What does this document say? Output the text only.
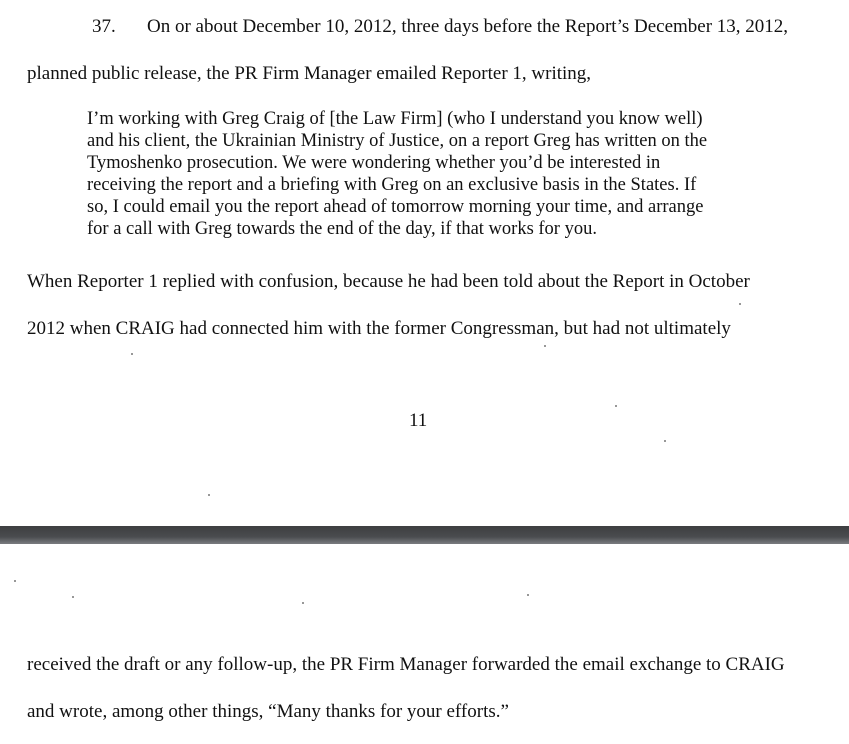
37. On or about December 10, 2012, three days before the Report’s December 13, 2012,
planned public release, the PR Firm Manager emailed Reporter 1, writing,
I’m working with Greg Craig of [the Law Firm] (who I understand you know well)
and his client, the Ukrainian Ministry of Justice, on a report Greg has written on the
Tymoshenko prosecution. We were wondering whether you’d be interested in
receiving the report and a briefing with Greg on an exclusive basis in the States. If
so, I could email you the report ahead of tomorrow morning your time, and arrange
for a call with Greg towards the end of the day, if that works for you.
When Reporter 1 replied with confusion, because he had been told about the Report in October
2012 when CRAIG had connected him with the former Congressman, but had not ultimately
11
received the draft or any follow-up, the PR Firm Manager forwarded the email exchange to CRAIG
and wrote, among other things, “Many thanks for your efforts.”
